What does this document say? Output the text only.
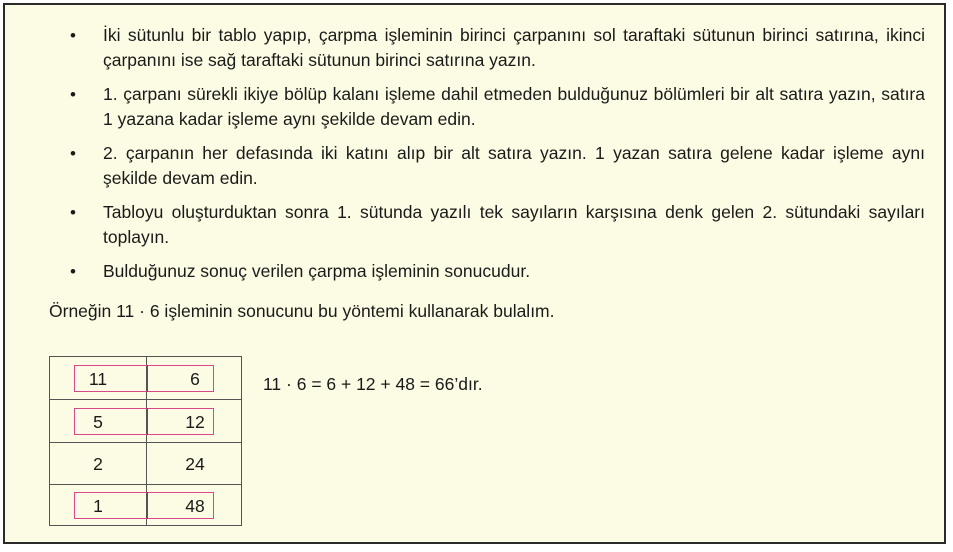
• İki sütunlu bir tablo yapıp, çarpma işleminin birinci çarpanını sol taraftaki sütunun birinci satırına, ikinci çarpanını ise sağ taraftaki sütunun birinci satırına yazın.
• 1. çarpanı sürekli ikiye bölüp kalanı işleme dahil etmeden bulduğunuz bölümleri bir alt satıra yazın, satıra 1 yazana kadar işleme aynı şekilde devam edin.
• 2. çarpanın her defasında iki katını alıp bir alt satıra yazın. 1 yazan satıra gelene kadar işleme aynı şekilde devam edin.
• Tabloyu oluşturduktan sonra 1. sütunda yazılı tek sayıların karşısına denk gelen 2. sütundaki sayıları toplayın.
• Bulduğunuz sonuç verilen çarpma işleminin sonucudur.
Örneğin 11 · 6 işleminin sonucunu bu yöntemi kullanarak bulalım.
11	6
5	12
2	24
1	48
11 · 6 = 6 + 12 + 48 = 66’dır.
